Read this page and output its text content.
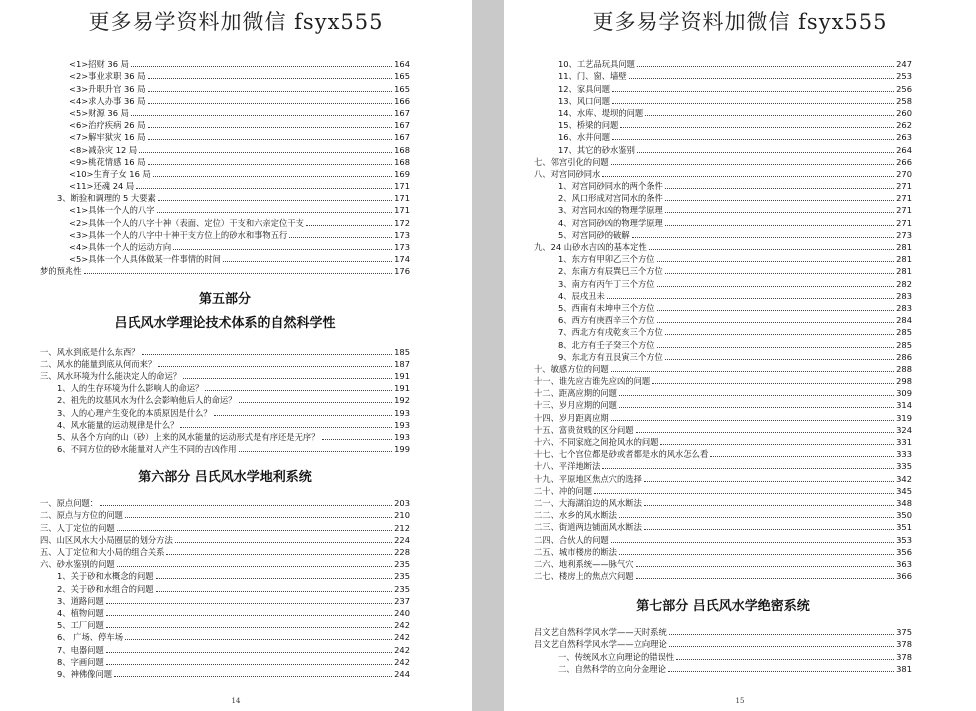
更多易学资料加微信 fsyx555
<1>招财 36 局	164
<2>事业求职 36 局	165
<3>升职升官 36 局	165
<4>求人办事 36 局	166
<5>财源 36 局	167
<6>治疗疾病 26 局	167
<7>解牢狱灾 16 局	167
<8>减杂灾 12 局	168
<9>桃花情感 16 局	168
<10>生育子女 16 局	169
<11>还魂 24 局	171
3、断验和调理的 5 大要素	171
<1>具体一个人的八字	171
<2>具体一个人的八字十神（表面、定位）干支和六亲定位干支	172
<3>具体一个人的八字中十神干支方位上的砂水和事物五行	173
<4>具体一个人的运动方向	173
<5>具体一个人具体做某一件事情的时间	174
梦的预兆性	176
第五部分
吕氏风水学理论技术体系的自然科学性
一、风水到底是什么东西？	185
二、风水的能量到底从何而来？	187
三、风水环境为什么能决定人的命运？	191
1、人的生存环境为什么影响人的命运？	191
2、祖先的坟墓风水为什么会影响他后人的命运？	192
3、人的心理产生变化的本质原因是什么？	193
4、风水能量的运动规律是什么？	193
5、从各个方向的山（砂）上来的风水能量的运动形式是有序还是无序？	193
6、不同方位的砂水能量对人产生不同的吉凶作用	199
第六部分 吕氏风水学地利系统
一、原点问题：	203
二、原点与方位的问题	210
三、人丁定位的问题	212
四、山区风水大小局圈层的划分方法	224
五、人丁定位和大小局的组合关系	228
六、砂水鉴别的问题	235
1、关于砂和水概念的问题	235
2、关于砂和水组合的问题	235
3、道路问题	237
4、植物问题	240
5、工厂问题	242
6、 广场、停车场	242
7、电器问题	242
8、字画问题	242
9、神佛像问题	244
14
更多易学资料加微信 fsyx555
10、工艺品玩具问题	247
11、门、窗、墙壁	253
12、家具问题	256
13、风口问题	258
14、水库、堤坝的问题	260
15、桥梁的问题	262
16、水井问题	263
17、其它的砂水鉴别	264
七、邻宫引化的问题	266
八、对宫同砂同水	270
1、对宫同砂同水的两个条件	271
2、风口形成对宫同水的条件	271
3、对宫同水凶的物理学原理	271
4、对宫同砂凶的物理学原理	271
5、对宫同砂的破解	273
九、24 山砂水吉凶的基本定性	281
1、东方有甲卯乙三个方位	281
2、东南方有辰巽巳三个方位	281
3、南方有丙午丁三个方位	282
4、辰戌丑未	283
5、西南有未坤申三个方位	283
6、西方有庚酉辛三个方位	284
7、西北方有戌乾亥三个方位	285
8、北方有壬子癸三个方位	285
9、东北方有丑艮寅三个方位	286
十、敏感方位的问题	288
十一、谁先应吉谁先应凶的问题	298
十二、距离应期的问题	309
十三、岁月应期的问题	314
十四、岁月距离应期	319
十五、富贵贫贱的区分问题	324
十六、不同家庭之间抢风水的问题	331
十七、七个宫位都是砂或者都是水的风水怎么看	333
十八、平洋地断法	335
十九、平原地区焦点穴的选择	342
二十、冲的问题	345
二一、大海湖泊边的风水断法	348
二二、水乡的风水断法	350
二三、街道两边铺面风水断法	351
二四、合伙人的问题	353
二五、城市楼房的断法	356
二六、地利系统——脉气穴	363
二七、楼房上的焦点穴问题	366
第七部分 吕氏风水学绝密系统
吕文艺自然科学风水学——天时系统	375
吕文艺自然科学风水学——立向理论	378
一、传统风水立向理论的错误性	378
二、自然科学的立向分金理论	381
15
